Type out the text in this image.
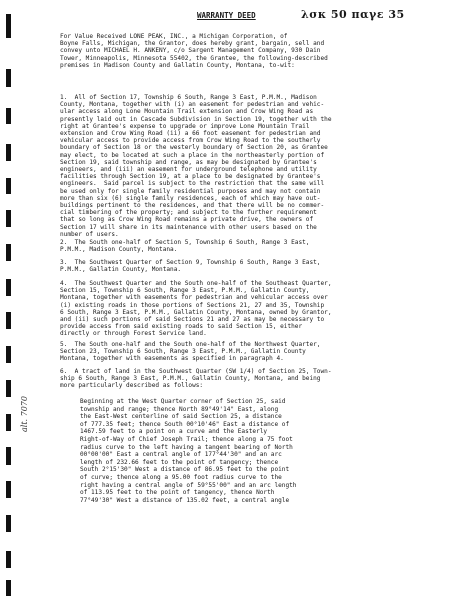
WARRANTY DEED	λσκ 50 παγε 35
For Value Received LONE PEAK, INC., a Michigan Corporation, of
Boyne Falls, Michigan, the Grantor, does hereby grant, bargain, sell and
convey unto MICHAEL H. ANKENY, c/o Sargent Management Company, 930 Dain
Tower, Minneapolis, Minnesota 55402, the Grantee, the following-described
premises in Madison County and Gallatin County, Montana, to-wit:
1.  All of Section 17, Township 6 South, Range 3 East, P.M.M., Madison
County, Montana, together with (i) an easement for pedestrian and vehic-
ular access along Lone Mountain Trail extension and Crow Wing Road as
presently laid out in Cascade Subdivision in Section 19, together with the
right at Grantee's expense to upgrade or improve Lone Mountain Trail
extension and Crow Wing Road (ii) a 66 foot easement for pedestrian and
vehicular access to provide access from Crow Wing Road to the southerly
boundary of Section 18 or the westerly boundary of Section 20, as Grantee
may elect, to be located at such a place in the northeasterly portion of
Section 19, said township and range, as may be designated by Grantee's
engineers, and (iii) an easement for underground telephone and utility
facilities through Section 19, at a place to be designated by Grantee's
engineers.  Said parcel is subject to the restriction that the same will
be used only for single family residential purposes and may not contain
more than six (6) single family residences, each of which may have out-
buildings pertinent to the residences, and that there will be no commer-
cial timbering of the property; and subject to the further requirement
that so long as Crow Wing Road remains a private drive, the owners of
Section 17 will share in its maintenance with other users based on the
number of users.
2.  The South one-half of Section 5, Township 6 South, Range 3 East,
P.M.M., Madison County, Montana.
3.  The Southwest Quarter of Section 9, Township 6 South, Range 3 East,
P.M.M., Gallatin County, Montana.
4.  The Southwest Quarter and the South one-half of the Southeast Quarter,
Section 15, Township 6 South, Range 3 East, P.M.M., Gallatin County,
Montana, together with easements for pedestrian and vehicular access over
(i) existing roads in those portions of Sections 21, 27 and 35, Township
6 South, Range 3 East, P.M.M., Gallatin County, Montana, owned by Grantor,
and (ii) such portions of said Sections 21 and 27 as may be necessary to
provide access from said existing roads to said Section 15, either
directly or through Forest Service land.
5.  The South one-half and the South one-half of the Northwest Quarter,
Section 23, Township 6 South, Range 3 East, P.M.M., Gallatin County
Montana, together with easements as specified in paragraph 4.
6.  A tract of land in the Southwest Quarter (SW 1/4) of Section 25, Town-
ship 6 South, Range 3 East, P.M.M., Gallatin County, Montana, and being
more particularly described as follows:
Beginning at the West Quarter corner of Section 25, said
township and range; thence North 89°49'14" East, along
the East-West centerline of said Section 25, a distance
of 777.35 feet; thence South 00°10'46" East a distance of
1467.59 feet to a point on a curve and the Easterly
Right-of-Way of Chief Joseph Trail; thence along a 75 foot
radius curve to the left having a tangent bearing of North
00°00'00" East a central angle of 177°44'30" and an arc
length of 232.66 feet to the point of tangency; thence
South 2°15'30" West a distance of 86.95 feet to the point
of curve; thence along a 95.00 foot radius curve to the
right having a central angle of 59°55'00" and an arc length
of 113.95 feet to the point of tangency, thence North
77°49'30" West a distance of 135.02 feet, a central angle
alt. 7070
